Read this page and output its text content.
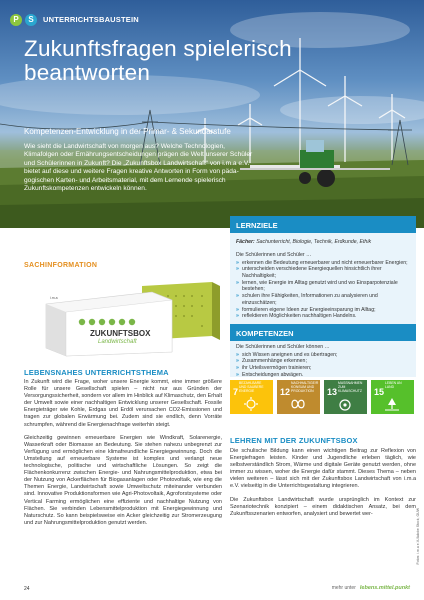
P	S	UNTERRICHTSBAUSTEIN
Zukunftsfragen spielerisch beantworten
Kompetenzen-Entwicklung in der Primar- & Sekundarstufe
Wie sieht die Landwirtschaft von morgen aus? Welche Technologien, Klimafolgen oder Ernährungsentscheidungen prägen die Welt unserer Schüler und Schülerinnen in Zukunft? Die „Zukunftsbox Landwirtschaft“ von i.m.a e.V. bietet auf diese und weitere Fragen kreative Antworten in Form von päda-gogischen Karten- und Arbeitsmaterial, mit dem Lernende spielerisch Zukunftskompetenzen entwickeln können.
SACHINFORMATION
i.m.a
ZUKUNFTSBOX
Landwirtschaft
LERNZIELE
Fächer: Sachunterricht, Biologie, Technik, Erdkunde, Ethik
Die Schülerinnen und Schüler …
» erkennen die Bedeutung erneuerbarer und nicht erneuerbarer Energien;
» unterscheiden verschiedene Energiequellen hinsichtlich ihrer Nachhaltigkeit;
» lernen, wie Energie im Alltag genutzt wird und wo Einsparpotenziale bestehen;
» schulen ihre Fähigkeiten, Informationen zu analysieren und einzuschätzen;
» formulieren eigene Ideen zur Energieeinsparung im Alltag;
» reflektieren Möglichkeiten nachhaltigen Handelns.
KOMPETENZEN
Die Schülerinnen und Schüler können …
» sich Wissen aneignen und es übertragen;
» Zusammenhänge erkennen;
» ihr Urteilsvermögen trainieren;
» Entscheidungen abwägen.
7BEZAHLBARE UND SAUBERE ENERGIE	12NACHHALTIGE/R KONSUM UND PRODUKTION	13MASSNAHMEN ZUM KLIMASCHUTZ	15LEBEN AN LAND
LEBENSNAHES UNTERRICHTSTHEMA

In Zukunft wird die Frage, woher unsere Energie kommt, eine immer größere Rolle für unsere Gesellschaft spielen – nicht nur aus Gründen der Versorgungssicherheit, sondern vor allem im Hinblick auf Klimaschutz, den Erhalt der Umwelt sowie einer nachhaltigen Entwicklung unserer Gesellschaft. Fossile Energieträger wie Kohle, Erdgas und Erdöl verursachen CO2-Emissionen und tragen zur globalen Erwärmung bei. Zudem sind sie endlich, denn Vorräte schrumpfen, während die Energienachfrage weiterhin steigt.

Gleichzeitig gewinnen erneuerbare Energien wie Windkraft, Solarenergie, Wasserkraft oder Biomasse an Bedeutung. Sie stehen nahezu unbegrenzt zur Verfügung und ermöglichen eine klimafreundliche Energiegewinnung. Doch die Umstellung auf erneuerbare Systeme ist komplex und verlangt neue technologische, politische und wirtschaftliche Lösungen. So zeigt die Flächenkonkurrenz zwischen Energie- und Nahrungsmittelproduktion, etwa bei der Nutzung von Ackerflächen für Biogasanlagen oder Photovoltaik, wie eng die Themen Energie, Landwirtschaft sowie Umweltschutz miteinander verbunden sind. Innovative Produktionsformen wie Agri-Photovoltaik, Agroforstsysteme oder Vertical Farming ermöglichen eine effiziente und nachhaltige Nutzung von Flächen. Sie verbinden Lebensmittelproduktion mit Energiegewinnung und Naturschutz. So kann beispielsweise ein Acker gleichzeitig zur Stromerzeugung und zur Nahrungsmittelproduktion genutzt werden.

LEHREN MIT DER ZUKUNFTSBOX

Die schulische Bildung kann einen wichtigen Beitrag zur Reflexion von Energiefragen leisten. Kinder und Jugendliche erleben täglich, wie selbstverständlich Strom, Wärme und digitale Geräte genutzt werden, ohne immer zu wissen, woher die Energie dafür stammt. Dieses Thema – neben vielen weiteren – lässt sich mit der Zukunftsbox Landwirtschaft von i.m.a e.V. vielseitig in die Unterrichtsgestaltung integrieren.

Die Zukunftsbox Landwirtschaft wurde ursprünglich im Kontext zur Szenariotechnik konzipiert – einem didaktischen Ansatz, bei dem Zukunftsszenarien entworfen, analysiert und bewertet wer-	Fotos: i.m.a e.V./Adobe Stock, GUW
24	mehr unter lebens.mittel.punkt
